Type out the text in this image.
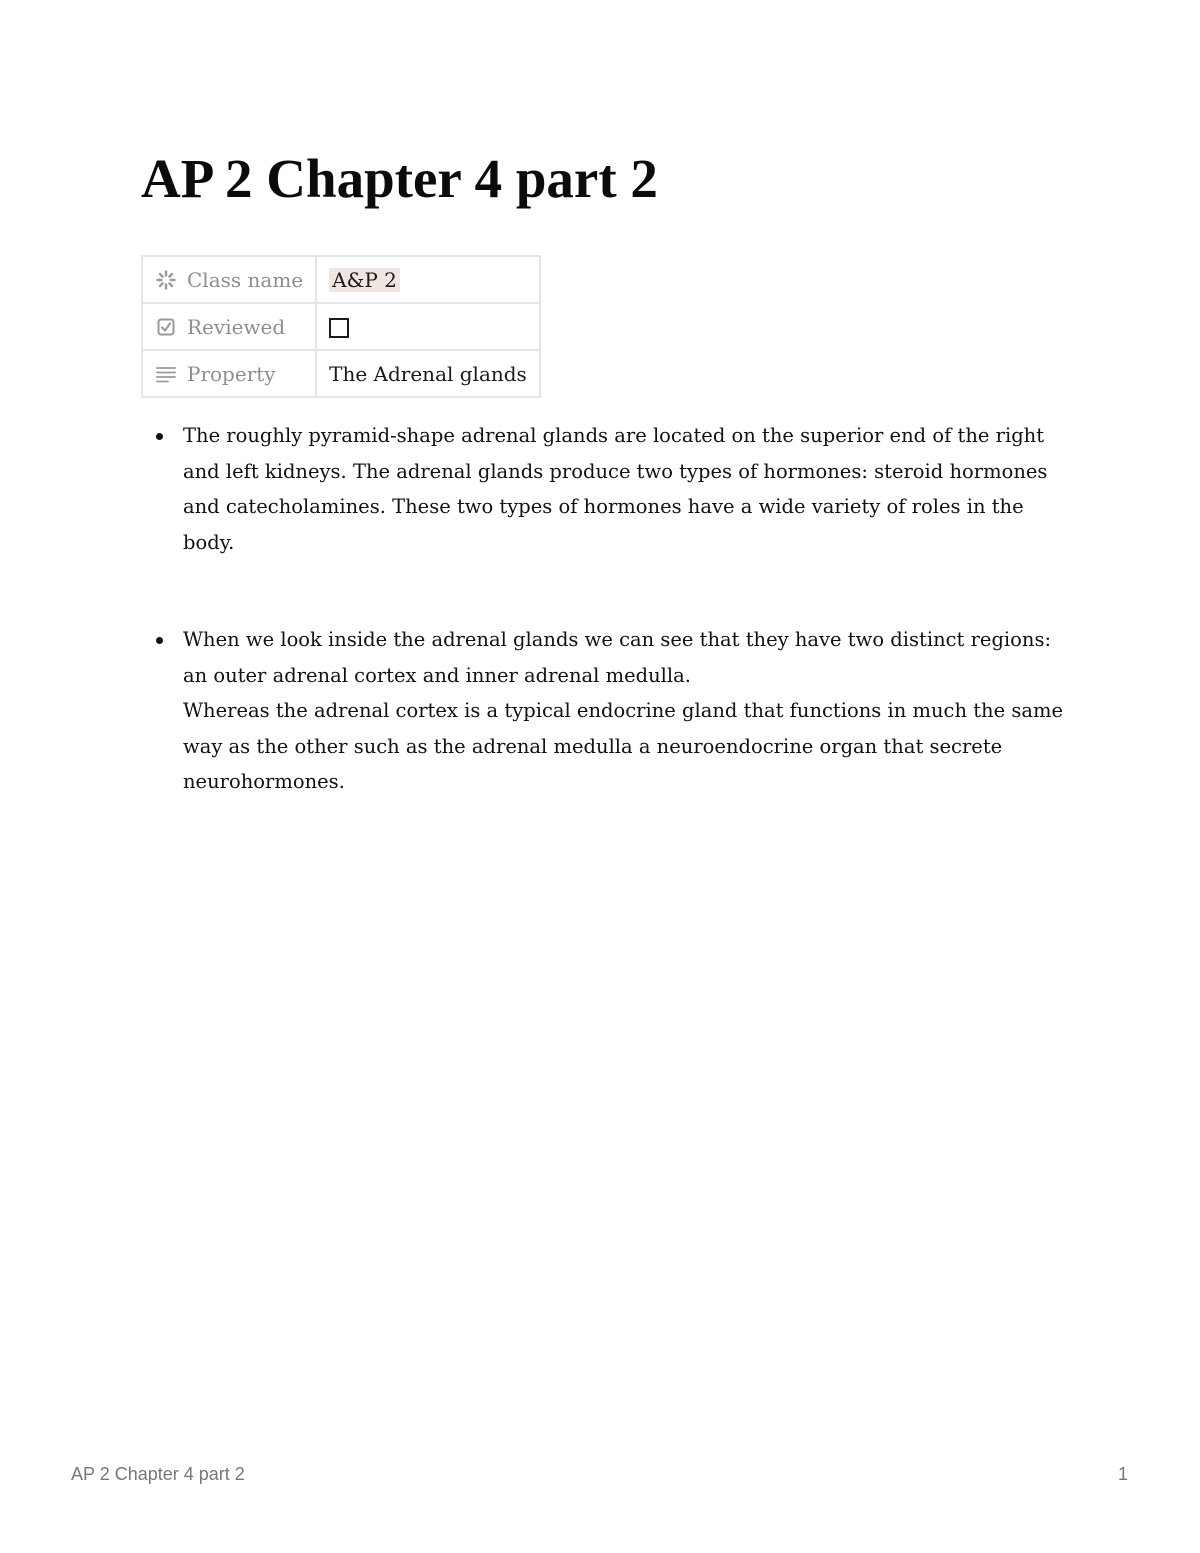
AP 2 Chapter 4 part 2
Class name	A&P 2

Reviewed	

Property	The Adrenal glands
The roughly pyramid-shape adrenal glands are located on the superior end of the right and left kidneys. The adrenal glands produce two types of hormones: steroid hormones and catecholamines. These two types of hormones have a wide variety of roles in the body.
When we look inside the adrenal glands we can see that they have two distinct regions: an outer adrenal cortex and inner adrenal medulla.
Whereas the adrenal cortex is a typical endocrine gland that functions in much the same way as the other such as the adrenal medulla a neuroendocrine organ that secrete neurohormones.
AP 2 Chapter 4 part 2	1
